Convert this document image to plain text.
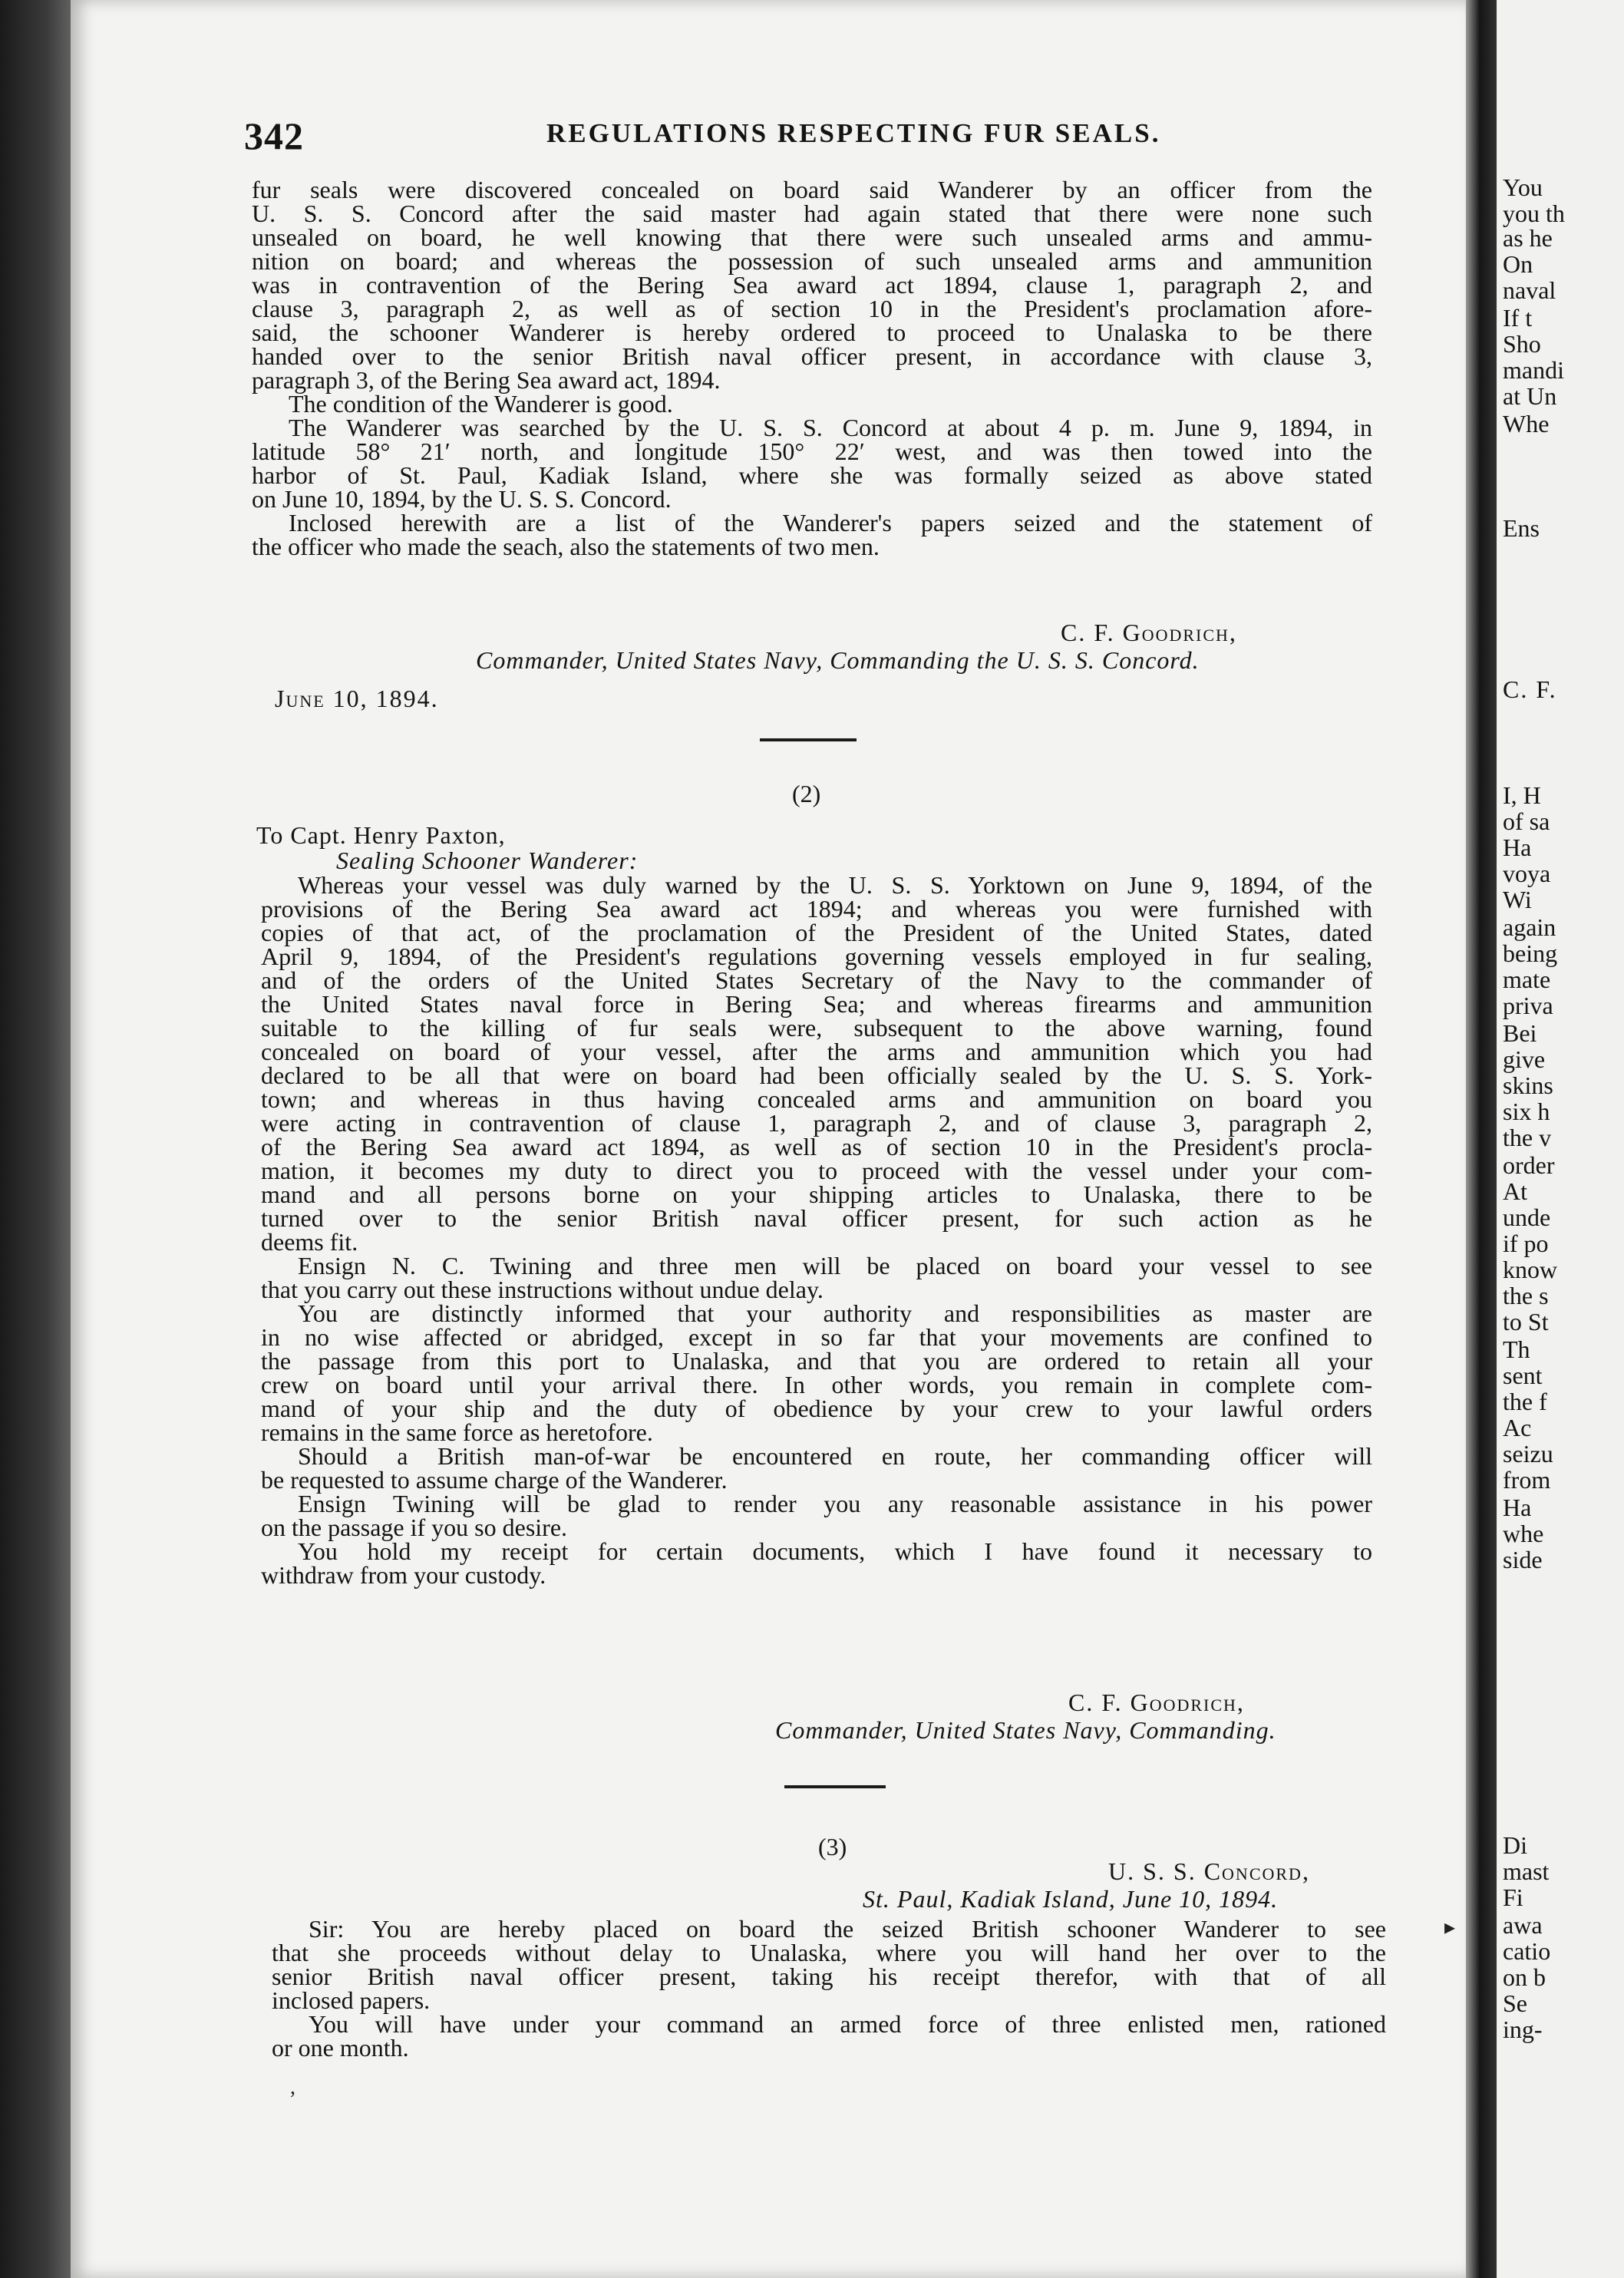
342	REGULATIONS RESPECTING FUR SEALS.

fur seals were discovered concealed on board said Wanderer by an officer from the
U. S. S. Concord after the said master had again stated that there were none such
unsealed on board, he well knowing that there were such unsealed arms and ammu-
nition on board; and whereas the possession of such unsealed arms and ammunition
was in contravention of the Bering Sea award act 1894, clause 1, paragraph 2, and
clause 3, paragraph 2, as well as of section 10 in the President's proclamation afore-
said, the schooner Wanderer is hereby ordered to proceed to Unalaska to be there
handed over to the senior British naval officer present, in accordance with clause 3,
paragraph 3, of the Bering Sea award act, 1894.

The condition of the Wanderer is good.

The Wanderer was searched by the U. S. S. Concord at about 4 p. m. June 9, 1894, in
latitude 58° 21′ north, and longitude 150° 22′ west, and was then towed into the
harbor of St. Paul, Kadiak Island, where she was formally seized as above stated
on June 10, 1894, by the U. S. S. Concord.

Inclosed herewith are a list of the Wanderer's papers seized and the statement of
the officer who made the seach, also the statements of two men.

C. F. Goodrich,
Commander, United States Navy, Commanding the U. S. S. Concord.
June 10, 1894.
(2)
To Capt. Henry Paxton,
Sealing Schooner Wanderer:

Whereas your vessel was duly warned by the U. S. S. Yorktown on June 9, 1894, of the
provisions of the Bering Sea award act 1894; and whereas you were furnished with
copies of that act, of the proclamation of the President of the United States, dated
April 9, 1894, of the President's regulations governing vessels employed in fur sealing,
and of the orders of the United States Secretary of the Navy to the commander of
the United States naval force in Bering Sea; and whereas firearms and ammunition
suitable to the killing of fur seals were, subsequent to the above warning, found
concealed on board of your vessel, after the arms and ammunition which you had
declared to be all that were on board had been officially sealed by the U. S. S. York-
town; and whereas in thus having concealed arms and ammunition on board you
were acting in contravention of clause 1, paragraph 2, and of clause 3, paragraph 2,
of the Bering Sea award act 1894, as well as of section 10 in the President's procla-
mation, it becomes my duty to direct you to proceed with the vessel under your com-
mand and all persons borne on your shipping articles to Unalaska, there to be
turned over to the senior British naval officer present, for such action as he
deems fit.

Ensign N. C. Twining and three men will be placed on board your vessel to see
that you carry out these instructions without undue delay.

You are distinctly informed that your authority and responsibilities as master are
in no wise affected or abridged, except in so far that your movements are confined to
the passage from this port to Unalaska, and that you are ordered to retain all your
crew on board until your arrival there. In other words, you remain in complete com-
mand of your ship and the duty of obedience by your crew to your lawful orders
remains in the same force as heretofore.

Should a British man-of-war be encountered en route, her commanding officer will
be requested to assume charge of the Wanderer.

Ensign Twining will be glad to render you any reasonable assistance in his power
on the passage if you so desire.

You hold my receipt for certain documents, which I have found it necessary to
withdraw from your custody.

C. F. Goodrich,
Commander, United States Navy, Commanding.
(3)
U. S. S. Concord,
St. Paul, Kadiak Island, June 10, 1894.

Sir: You are hereby placed on board the seized British schooner Wanderer to see
that she proceeds without delay to Unalaska, where you will hand her over to the
senior British naval officer present, taking his receipt therefor, with that of all
inclosed papers.

You will have under your command an armed force of three enlisted men, rationed
or one month.

,
▸
You
you th
as he
On
naval
If t
Sho
mandi
at Un
Whe
Ens
C. F.
I, H
of sa
Ha
voya
Wi
again
being
mate
priva
Bei
give
skins
six h
the v
order
At
unde
if po
know
the s
to St
Th
sent
the f
Ac
seizu
from
Ha
whe
side
Di
mast
Fi
awa
catio
on b
Se
ing-
